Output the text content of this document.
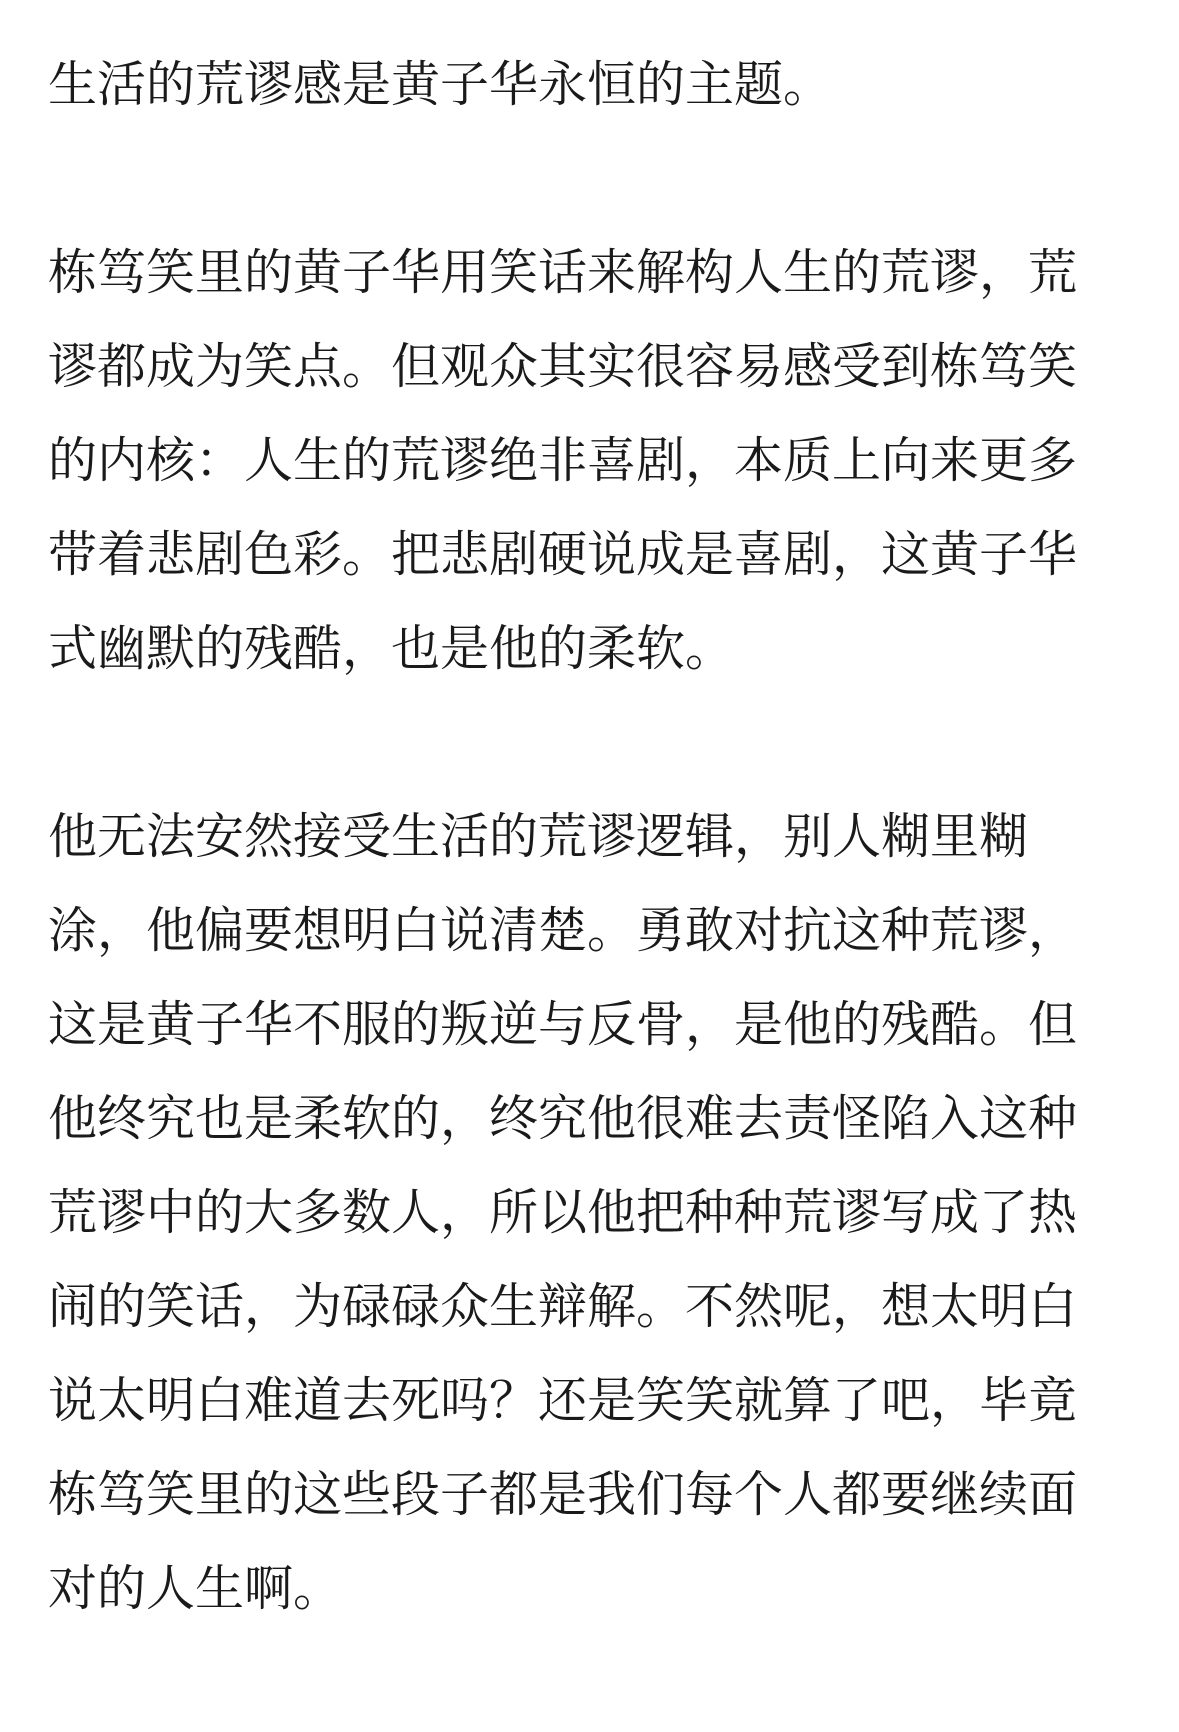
生活的荒谬感是黄子华永恒的主题。

栋笃笑里的黄子华用笑话来解构人生的荒谬，荒
谬都成为笑点。但观众其实很容易感受到栋笃笑
的内核：人生的荒谬绝非喜剧，本质上向来更多
带着悲剧色彩。把悲剧硬说成是喜剧，这黄子华
式幽默的残酷，也是他的柔软。

他无法安然接受生活的荒谬逻辑，别人糊里糊
涂，他偏要想明白说清楚。勇敢对抗这种荒谬，
这是黄子华不服的叛逆与反骨，是他的残酷。但
他终究也是柔软的，终究他很难去责怪陷入这种
荒谬中的大多数人，所以他把种种荒谬写成了热
闹的笑话，为碌碌众生辩解。不然呢，想太明白
说太明白难道去死吗？还是笑笑就算了吧，毕竟
栋笃笑里的这些段子都是我们每个人都要继续面
对的人生啊。
